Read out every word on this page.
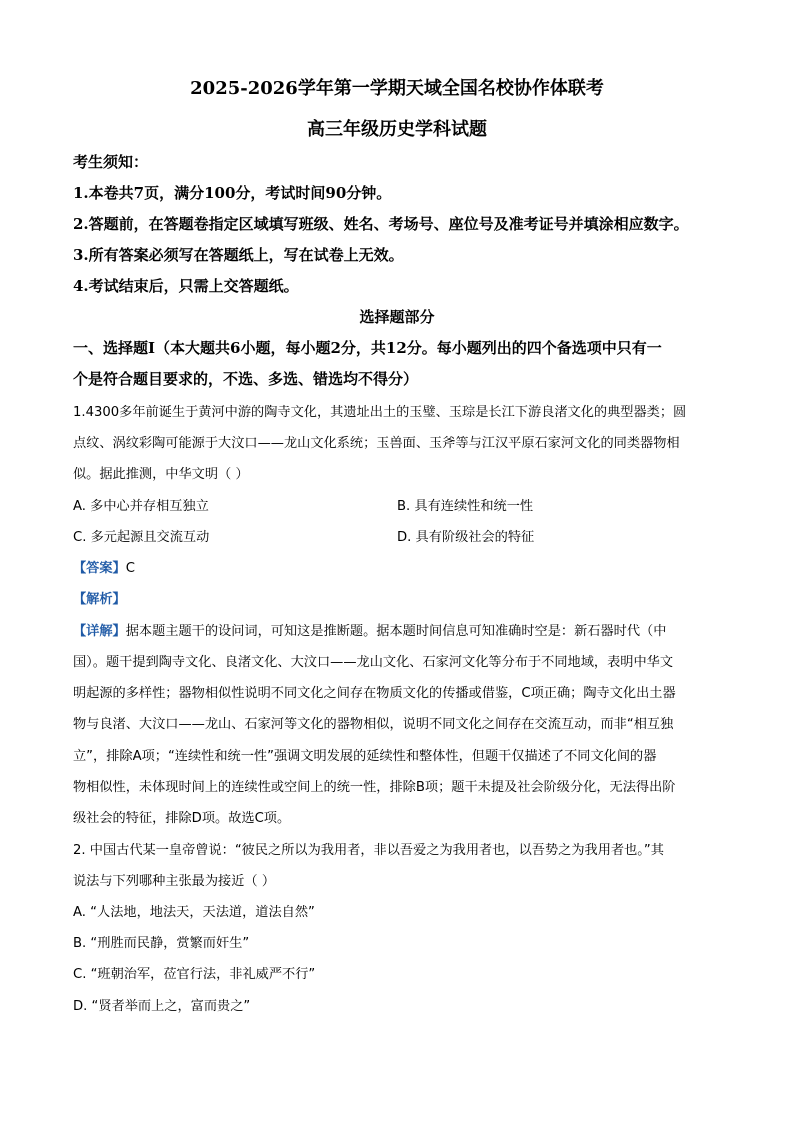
2025-2026学年第一学期天域全国名校协作体联考
高三年级历史学科试题
考生须知：
1.本卷共7页，满分100分，考试时间90分钟。
2.答题前，在答题卷指定区域填写班级、姓名、考场号、座位号及准考证号并填涂相应数字。
3.所有答案必须写在答题纸上，写在试卷上无效。
4.考试结束后，只需上交答题纸。
选择题部分
一、选择题Ⅰ（本大题共6小题，每小题2分，共12分。每小题列出的四个备选项中只有一
个是符合题目要求的，不选、多选、错选均不得分）
1.4300多年前诞生于黄河中游的陶寺文化，其遗址出土的玉璧、玉琮是长江下游良渚文化的典型器类；圆
点纹、涡纹彩陶可能源于大汶口——龙山文化系统；玉兽面、玉斧等与江汉平原石家河文化的同类器物相
似。据此推测，中华文明（ ）
A. 多中心并存相互独立	B. 具有连续性和统一性
C. 多元起源且交流互动	D. 具有阶级社会的特征
【答案】C
【解析】
【详解】据本题主题干的设问词，可知这是推断题。据本题时间信息可知准确时空是：新石器时代（中
国）。题干提到陶寺文化、良渚文化、大汶口——龙山文化、石家河文化等分布于不同地域，表明中华文
明起源的多样性；器物相似性说明不同文化之间存在物质文化的传播或借鉴，C项正确；陶寺文化出土器
物与良渚、大汶口——龙山、石家河等文化的器物相似，说明不同文化之间存在交流互动，而非“相互独
立”，排除A项；“连续性和统一性”强调文明发展的延续性和整体性，但题干仅描述了不同文化间的器
物相似性，未体现时间上的连续性或空间上的统一性，排除B项；题干未提及社会阶级分化，无法得出阶
级社会的特征，排除D项。故选C项。
2. 中国古代某一皇帝曾说：“彼民之所以为我用者，非以吾爱之为我用者也，以吾势之为我用者也。”其
说法与下列哪种主张最为接近（ ）
A. “人法地，地法天，天法道，道法自然”
B. “刑胜而民静，赏繁而奸生”
C. “班朝治军，莅官行法，非礼威严不行”
D. “贤者举而上之，富而贵之”
